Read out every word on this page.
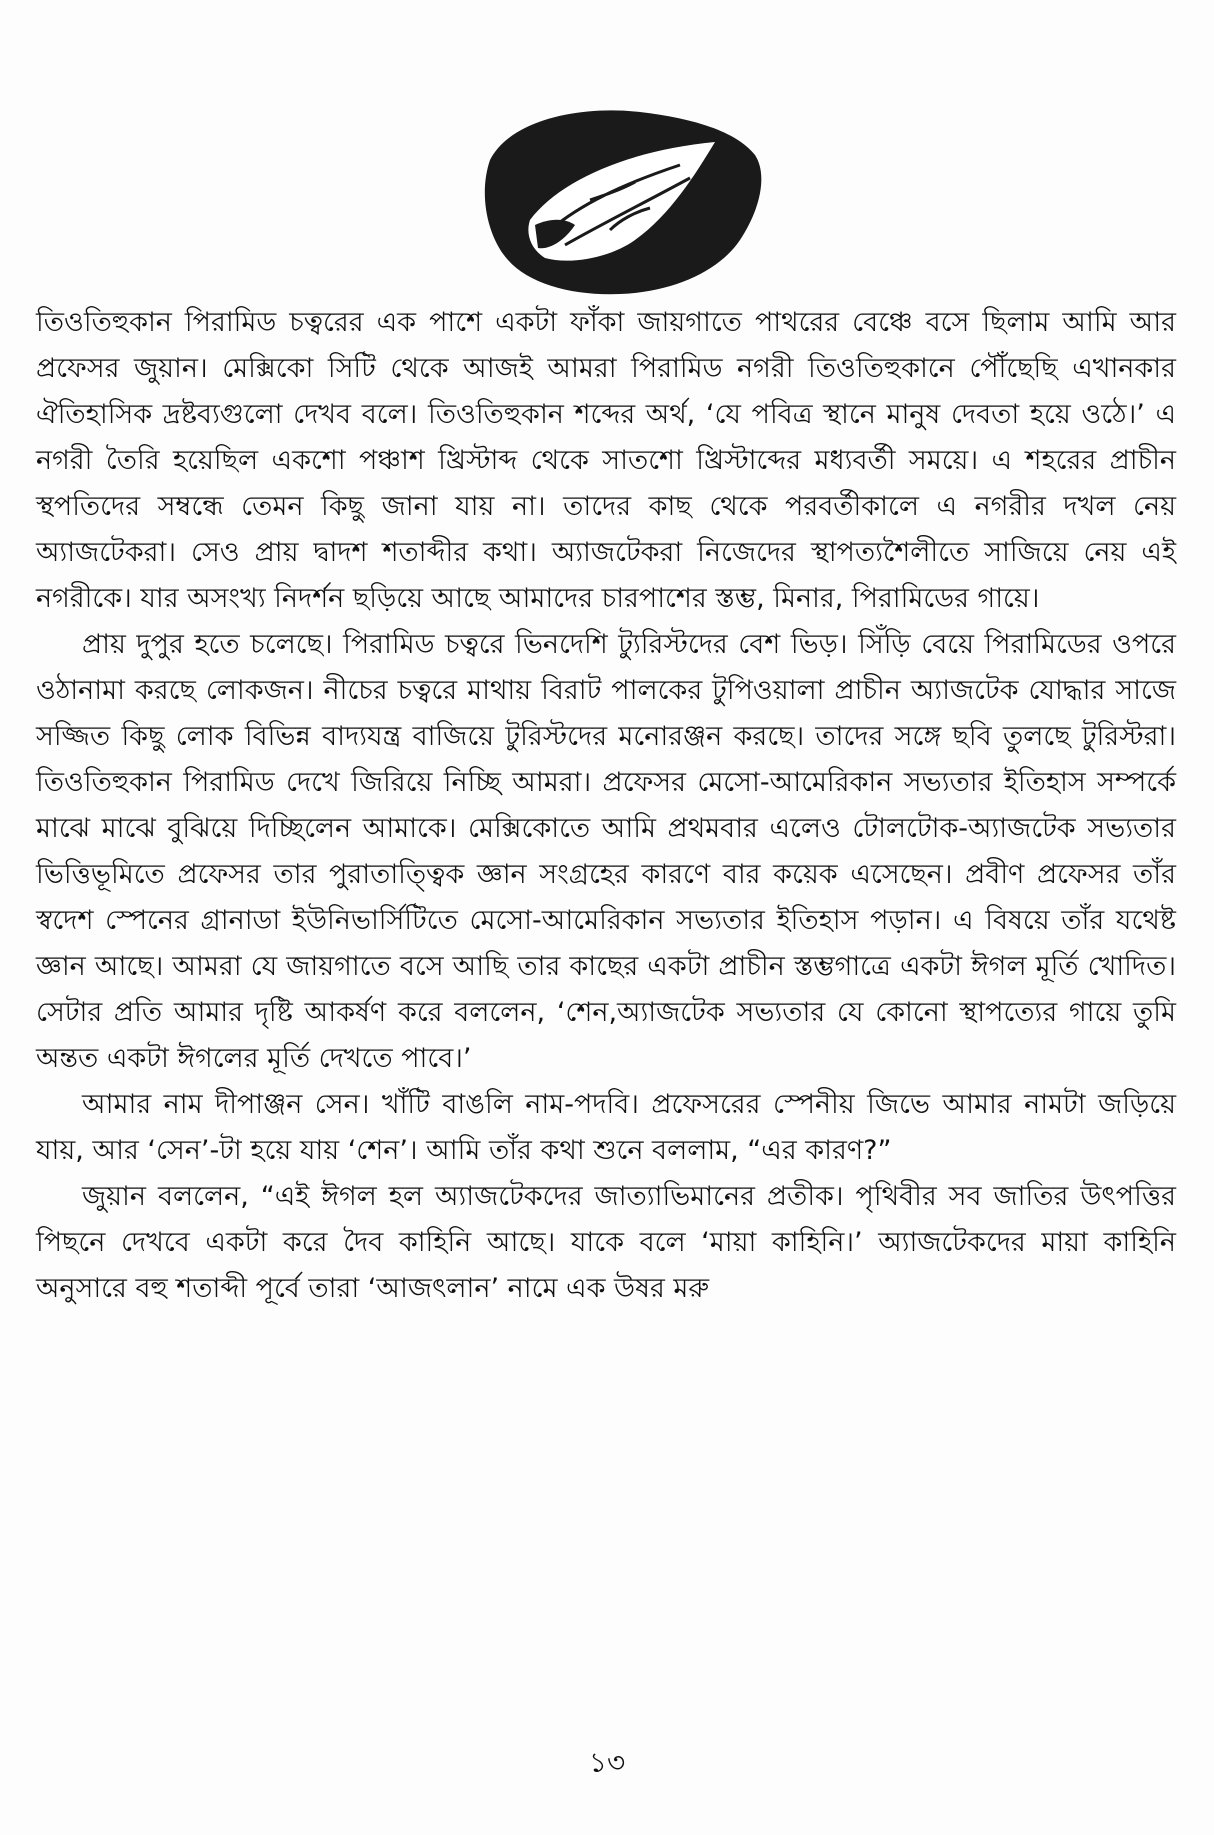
তিওতিহুকান পিরামিড চত্বরের এক পাশে একটা ফাঁকা জায়গাতে পাথরের বেঞ্চে বসে ছিলাম আমি আর প্রফেসর জুয়ান। মেক্সিকো সিটি থেকে আজই আমরা পিরামিড নগরী তিওতিহুকানে পৌঁছেছি এখানকার ঐতিহাসিক দ্রষ্টব্যগুলো দেখব বলে। তিওতিহুকান শব্দের অর্থ, ‘যে পবিত্র স্থানে মানুষ দেবতা হয়ে ওঠে।’ এ নগরী তৈরি হয়েছিল একশো পঞ্চাশ খ্রিস্টাব্দ থেকে সাতশো খ্রিস্টাব্দের মধ্যবর্তী সময়ে। এ শহরের প্রাচীন স্থপতিদের সম্বন্ধে তেমন কিছু জানা যায় না। তাদের কাছ থেকে পরবর্তীকালে এ নগরীর দখল নেয় অ্যাজটেকরা। সেও প্রায় দ্বাদশ শতাব্দীর কথা। অ্যাজটেকরা নিজেদের স্থাপত্যশৈলীতে সাজিয়ে নেয় এই নগরীকে। যার অসংখ্য নিদর্শন ছড়িয়ে আছে আমাদের চারপাশের স্তম্ভ, মিনার, পিরামিডের গায়ে।

প্রায় দুপুর হতে চলেছে। পিরামিড চত্বরে ভিনদেশি ট্যুরিস্টদের বেশ ভিড়। সিঁড়ি বেয়ে পিরামিডের ওপরে ওঠানামা করছে লোকজন। নীচের চত্বরে মাথায় বিরাট পালকের টুপিওয়ালা প্রাচীন অ্যাজটেক যোদ্ধার সাজে সজ্জিত কিছু লোক বিভিন্ন বাদ্যযন্ত্র বাজিয়ে টুরিস্টদের মনোরঞ্জন করছে। তাদের সঙ্গে ছবি তুলছে টুরিস্টরা। তিওতিহুকান পিরামিড দেখে জিরিয়ে নিচ্ছি আমরা। প্রফেসর মেসো-আমেরিকান সভ্যতার ইতিহাস সম্পর্কে মাঝে মাঝে বুঝিয়ে দিচ্ছিলেন আমাকে। মেক্সিকোতে আমি প্রথমবার এলেও টোলটোক-অ্যাজটেক সভ্যতার ভিত্তিভূমিতে প্রফেসর তার পুরাতাত্ত্বিক জ্ঞান সংগ্রহের কারণে বার কয়েক এসেছেন। প্রবীণ প্রফেসর তাঁর স্বদেশ স্পেনের গ্রানাডা ইউনিভার্সিটিতে মেসো-আমেরিকান সভ্যতার ইতিহাস পড়ান। এ বিষয়ে তাঁর যথেষ্ট জ্ঞান আছে। আমরা যে জায়গাতে বসে আছি তার কাছের একটা প্রাচীন স্তম্ভগাত্রে একটা ঈগল মূর্তি খোদিত। সেটার প্রতি আমার দৃষ্টি আকর্ষণ করে বললেন, ‘শেন,অ্যাজটেক সভ্যতার যে কোনো স্থাপত্যের গায়ে তুমি অন্তত একটা ঈগলের মূর্তি দেখতে পাবে।’

আমার নাম দীপাঞ্জন সেন। খাঁটি বাঙলি নাম-পদবি। প্রফেসরের স্পেনীয় জিভে আমার নামটা জড়িয়ে যায়, আর ‘সেন’-টা হয়ে যায় ‘শেন’। আমি তাঁর কথা শুনে বললাম, “এর কারণ?”

জুয়ান বললেন, “এই ঈগল হল অ্যাজটেকদের জাত্যাভিমানের প্রতীক। পৃথিবীর সব জাতির উৎপত্তির পিছনে দেখবে একটা করে দৈব কাহিনি আছে। যাকে বলে ‘মায়া কাহিনি।’ অ্যাজটেকদের মায়া কাহিনি অনুসারে বহু শতাব্দী পূর্বে তারা ‘আজৎলান’ নামে এক উষর মরু

১৩
